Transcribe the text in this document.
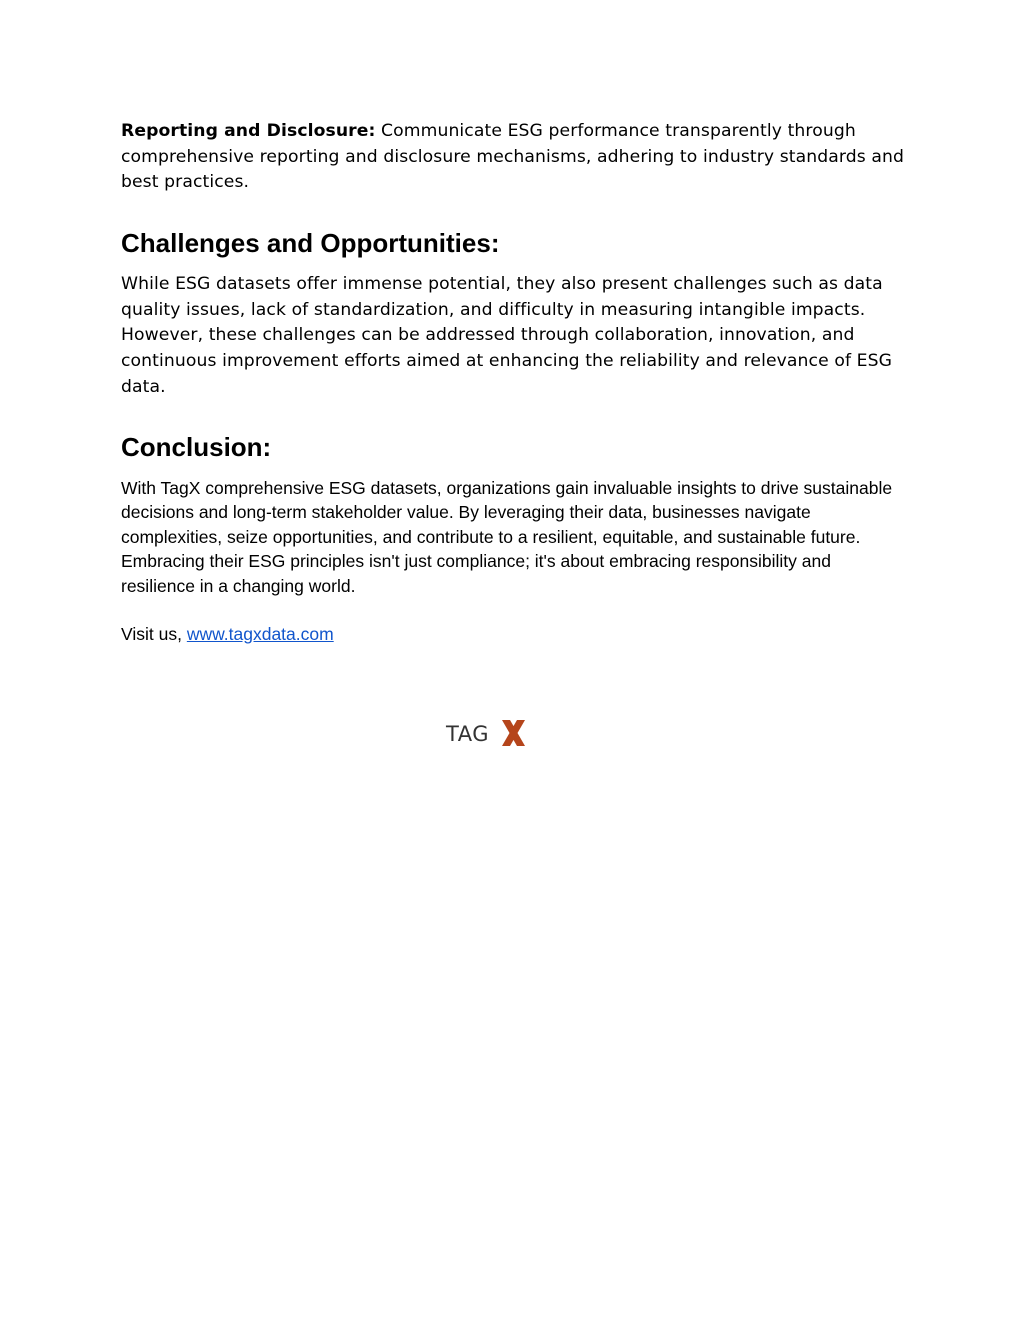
Reporting and Disclosure: Communicate ESG performance transparently through comprehensive reporting and disclosure mechanisms, adhering to industry standards and best practices.

Challenges and Opportunities:

While ESG datasets offer immense potential, they also present challenges such as data quality issues, lack of standardization, and difficulty in measuring intangible impacts. However, these challenges can be addressed through collaboration, innovation, and continuous improvement efforts aimed at enhancing the reliability and relevance of ESG data.

Conclusion:

With TagX comprehensive ESG datasets, organizations gain invaluable insights to drive sustainable decisions and long-term stakeholder value. By leveraging their data, businesses navigate complexities, seize opportunities, and contribute to a resilient, equitable, and sustainable future. Embracing their ESG principles isn't just compliance; it's about embracing responsibility and resilience in a changing world.

Visit us, www.tagxdata.com

TAG
X
